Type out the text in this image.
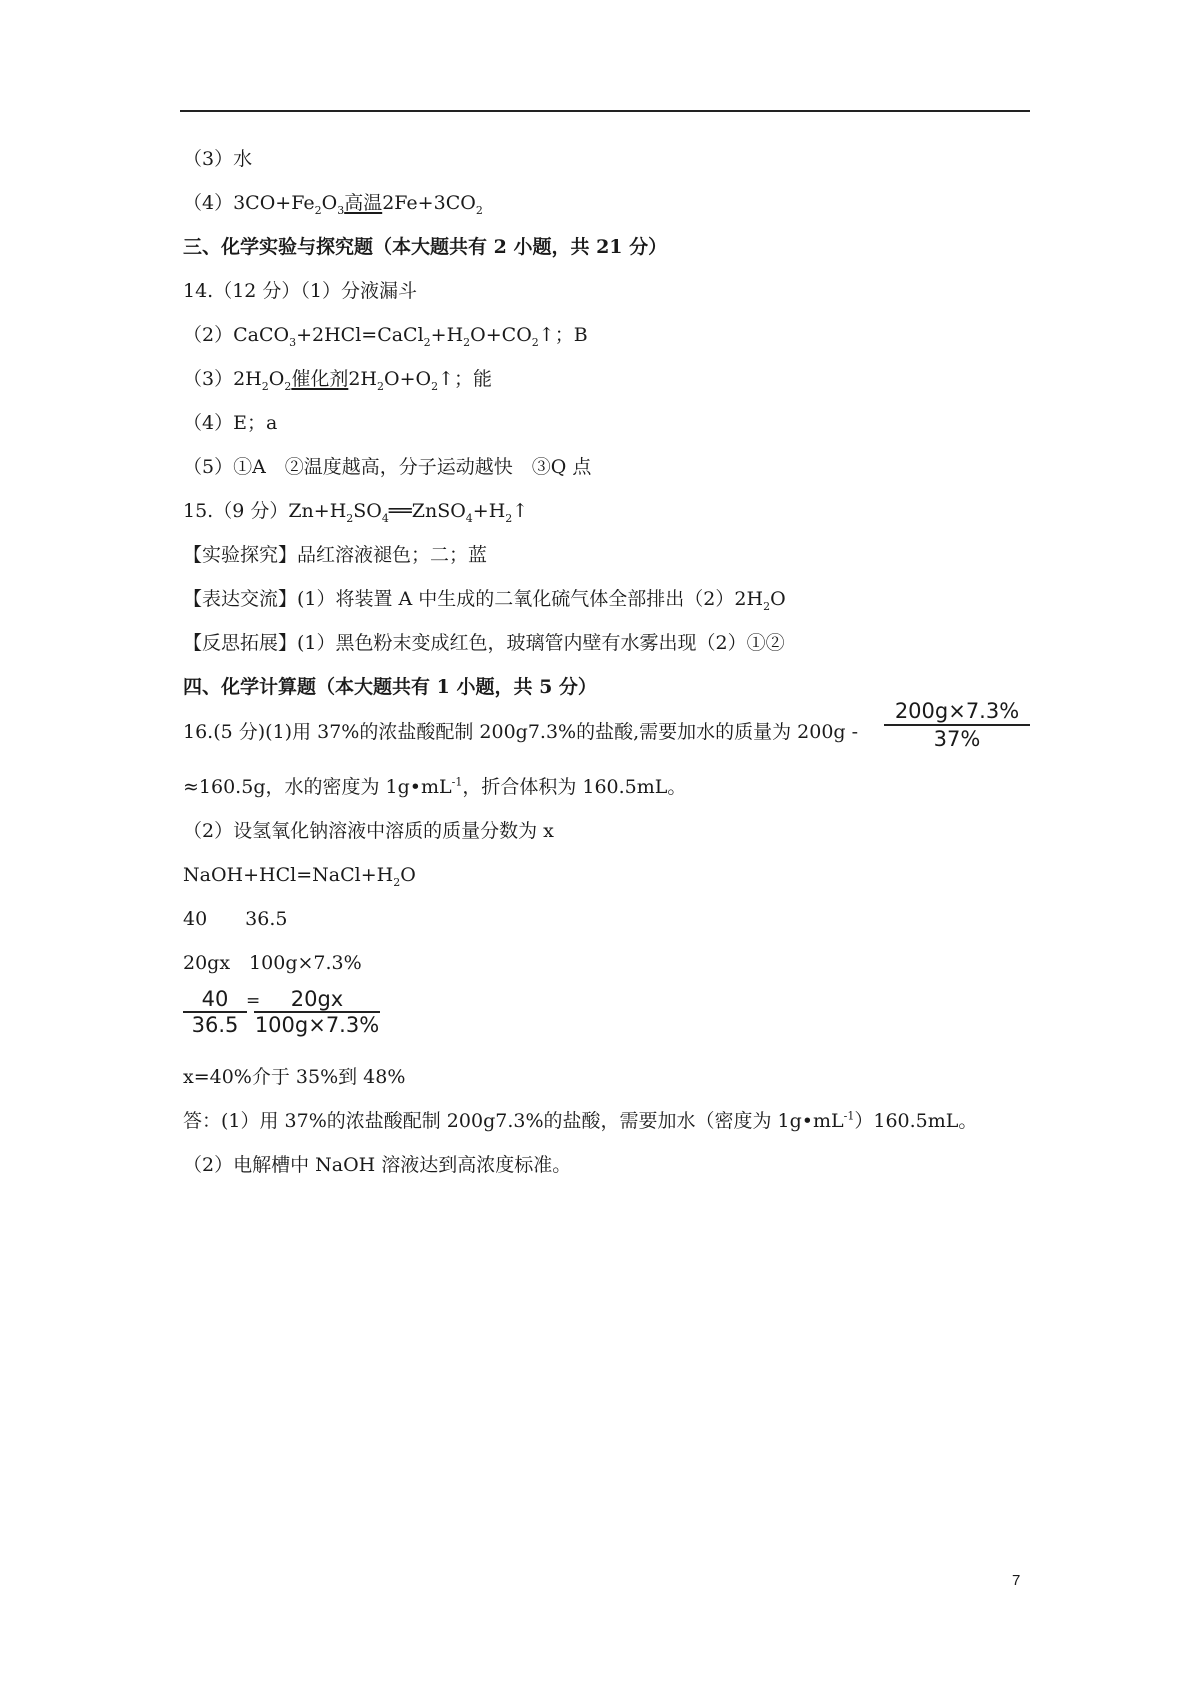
（3）水
$(4)3CO+Fe_2O_3$高温$2Fe+3CO_2$
三、化学实验与探究题（本大题共有 2 小题，共 21 分）
14.（12 分）（1）分液漏斗
$(2)CaCO_3+2HCl=CaCl_2+H_2O+CO_2↑$；B
$(3)2H_2O_2$催化剂$2H_2O+O_2↑$；能
（4）E；a
（5）①A　②温度越高，分子运动越快　③Q 点
15.（9 分）$Zn+H_2SO_4══ZnSO_4+H_2↑$
【实验探究】品红溶液褪色；二；蓝
【表达交流】(1）将装置 A 中生成的二氧化硫气体全部排出$(2)2H_2O$
【反思拓展】(1）黑色粉末变成红色，玻璃管内壁有水雾出现（2）①②
四、化学计算题（本大题共有 1 小题，共 5 分）
16.(5 分)(1)用 37%的浓盐酸配制 200g7.3%的盐酸,需要加水的质量为 200g -
200g×7.3%
37%
≈160.5g，水的密度为 $1g•mL^{-1}$，折合体积为 160.5mL。
（2）设氢氧化钠溶液中溶质的质量分数为 x
$NaOH+HCl=NaCl+H_2O$
40　　36.5
20gx　100g×7.3%
40
36.5
=	20gx
100g×7.3%
x=40%介于 35%到 48%
答：(1）用 37%的浓盐酸配制 200g7.3%的盐酸，需要加水（密度为 $1g•mL^{-1})160.5mL$。
（2）电解槽中 NaOH 溶液达到高浓度标准。
7
